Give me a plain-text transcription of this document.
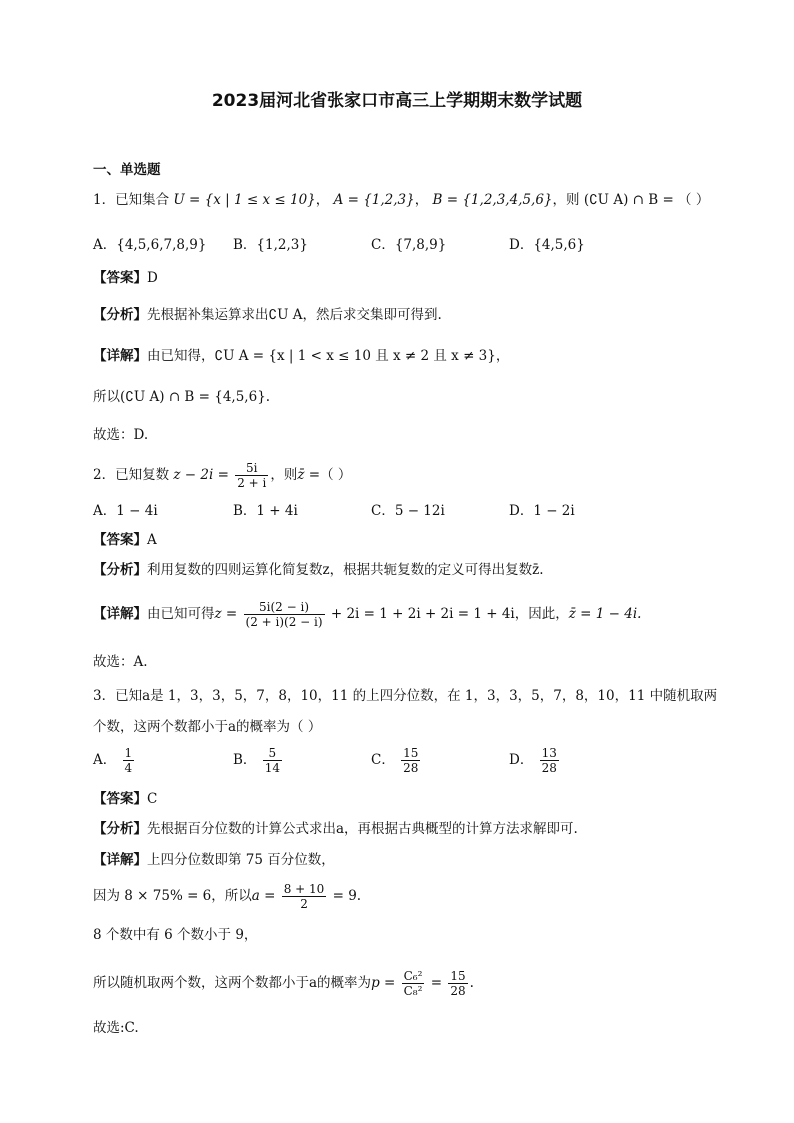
2023届河北省张家口市高三上学期期末数学试题
一、单选题
1．已知集合 U = {x | 1 ≤ x ≤ 10}， A = {1,2,3}， B = {1,2,3,4,5,6}，则 (∁U A) ∩ B = （ ）
A．{4,5,6,7,8,9} B．{1,2,3}	C．{7,8,9}	D．{4,5,6}
【答案】D
【分析】先根据补集运算求出∁U A，然后求交集即可得到.
【详解】由已知得，∁U A = {x | 1 < x ≤ 10 且 x ≠ 2 且 x ≠ 3}，
所以(∁U A) ∩ B = {4,5,6}.
故选：D.
2．已知复数 $z - 2i = \frac{5i}{2 + i}$ ，则z̄ =（ ）
A．1 − 4i	B．1 + 4i	C．5 − 12i	D．1 − 2i
【答案】A
【分析】利用复数的四则运算化简复数z，根据共轭复数的定义可得出复数z̄.
【详解】由已知可得$z = \frac{5i(2 - i)}{(2 + i)(2 - i)} + 2i = 1 + 2i + 2i = 1 + 4i$，因此，z̄ = 1 − 4i.
故选：A.
3．已知a是 1，3，3，5，7，8，10，11 的上四分位数，在 1，3，3，5，7，8，10，11 中随机取两
个数，这两个数都小于a的概率为（ ）
A． $\frac{1}{4}$	B． $\frac{5}{14}$	C． $\frac{15}{28}$	D． $\frac{13}{28}$
【答案】C
【分析】先根据百分位数的计算公式求出a，再根据古典概型的计算方法求解即可.
【详解】上四分位数即第 75 百分位数，
因为 8 × 75% = 6，所以$a = \frac{8 + 10}{2} = 9$.
8 个数中有 6 个数小于 9，
所以随机取两个数，这两个数都小于a的概率为$p = \frac{\text{C₆²}}{\text{C₈²}} = \frac{15}{28}$ .
故选:C.
